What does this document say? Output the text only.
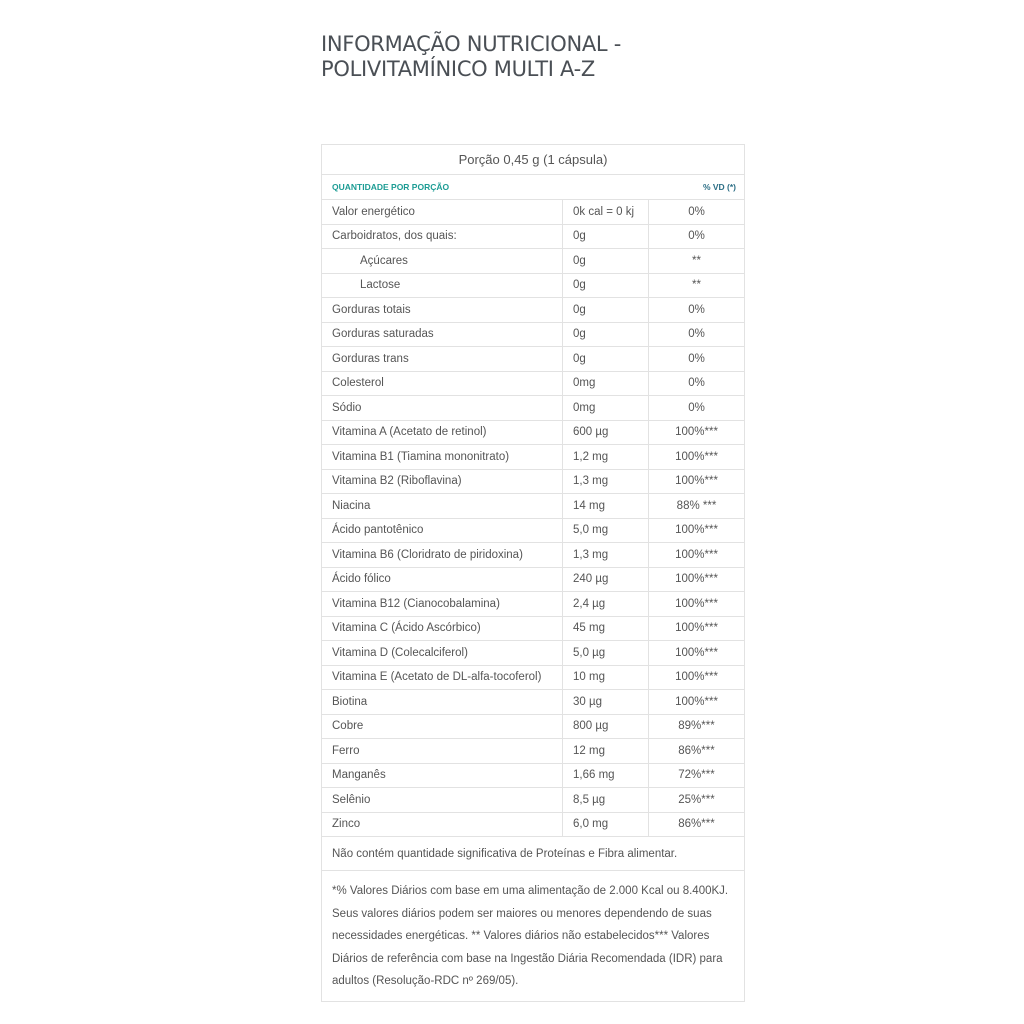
INFORMAÇÃO NUTRICIONAL -
POLIVITAMÍNICO MULTI A-Z
Porção 0,45 g (1 cápsula)
QUANTIDADE POR PORÇÃO	% VD (*)
Valor energético	0k cal = 0 kj	0%
Carboidratos, dos quais:	0g	0%
Açúcares	0g	**
Lactose	0g	**
Gorduras totais	0g	0%
Gorduras saturadas	0g	0%
Gorduras trans	0g	0%
Colesterol	0mg	0%
Sódio	0mg	0%
Vitamina A (Acetato de retinol)	600 µg	100%***
Vitamina B1 (Tiamina mononitrato)	1,2 mg	100%***
Vitamina B2 (Riboflavina)	1,3 mg	100%***
Niacina	14 mg	88% ***
Ácido pantotênico	5,0 mg	100%***
Vitamina B6 (Cloridrato de piridoxina)	1,3 mg	100%***
Ácido fólico	240 µg	100%***
Vitamina B12 (Cianocobalamina)	2,4 µg	100%***
Vitamina C (Ácido Ascórbico)	45 mg	100%***
Vitamina D (Colecalciferol)	5,0 µg	100%***
Vitamina E (Acetato de DL-alfa-tocoferol)	10 mg	100%***
Biotina	30 µg	100%***
Cobre	800 µg	89%***
Ferro	12 mg	86%***
Manganês	1,66 mg	72%***
Selênio	8,5 µg	25%***
Zinco	6,0 mg	86%***
Não contém quantidade significativa de Proteínas e Fibra alimentar.
*% Valores Diários com base em uma alimentação de 2.000 Kcal ou 8.400KJ. Seus valores diários podem ser maiores ou menores dependendo de suas necessidades energéticas. ** Valores diários não estabelecidos*** Valores Diários de referência com base na Ingestão Diária Recomendada (IDR) para adultos (Resolução-RDC nº 269/05).
